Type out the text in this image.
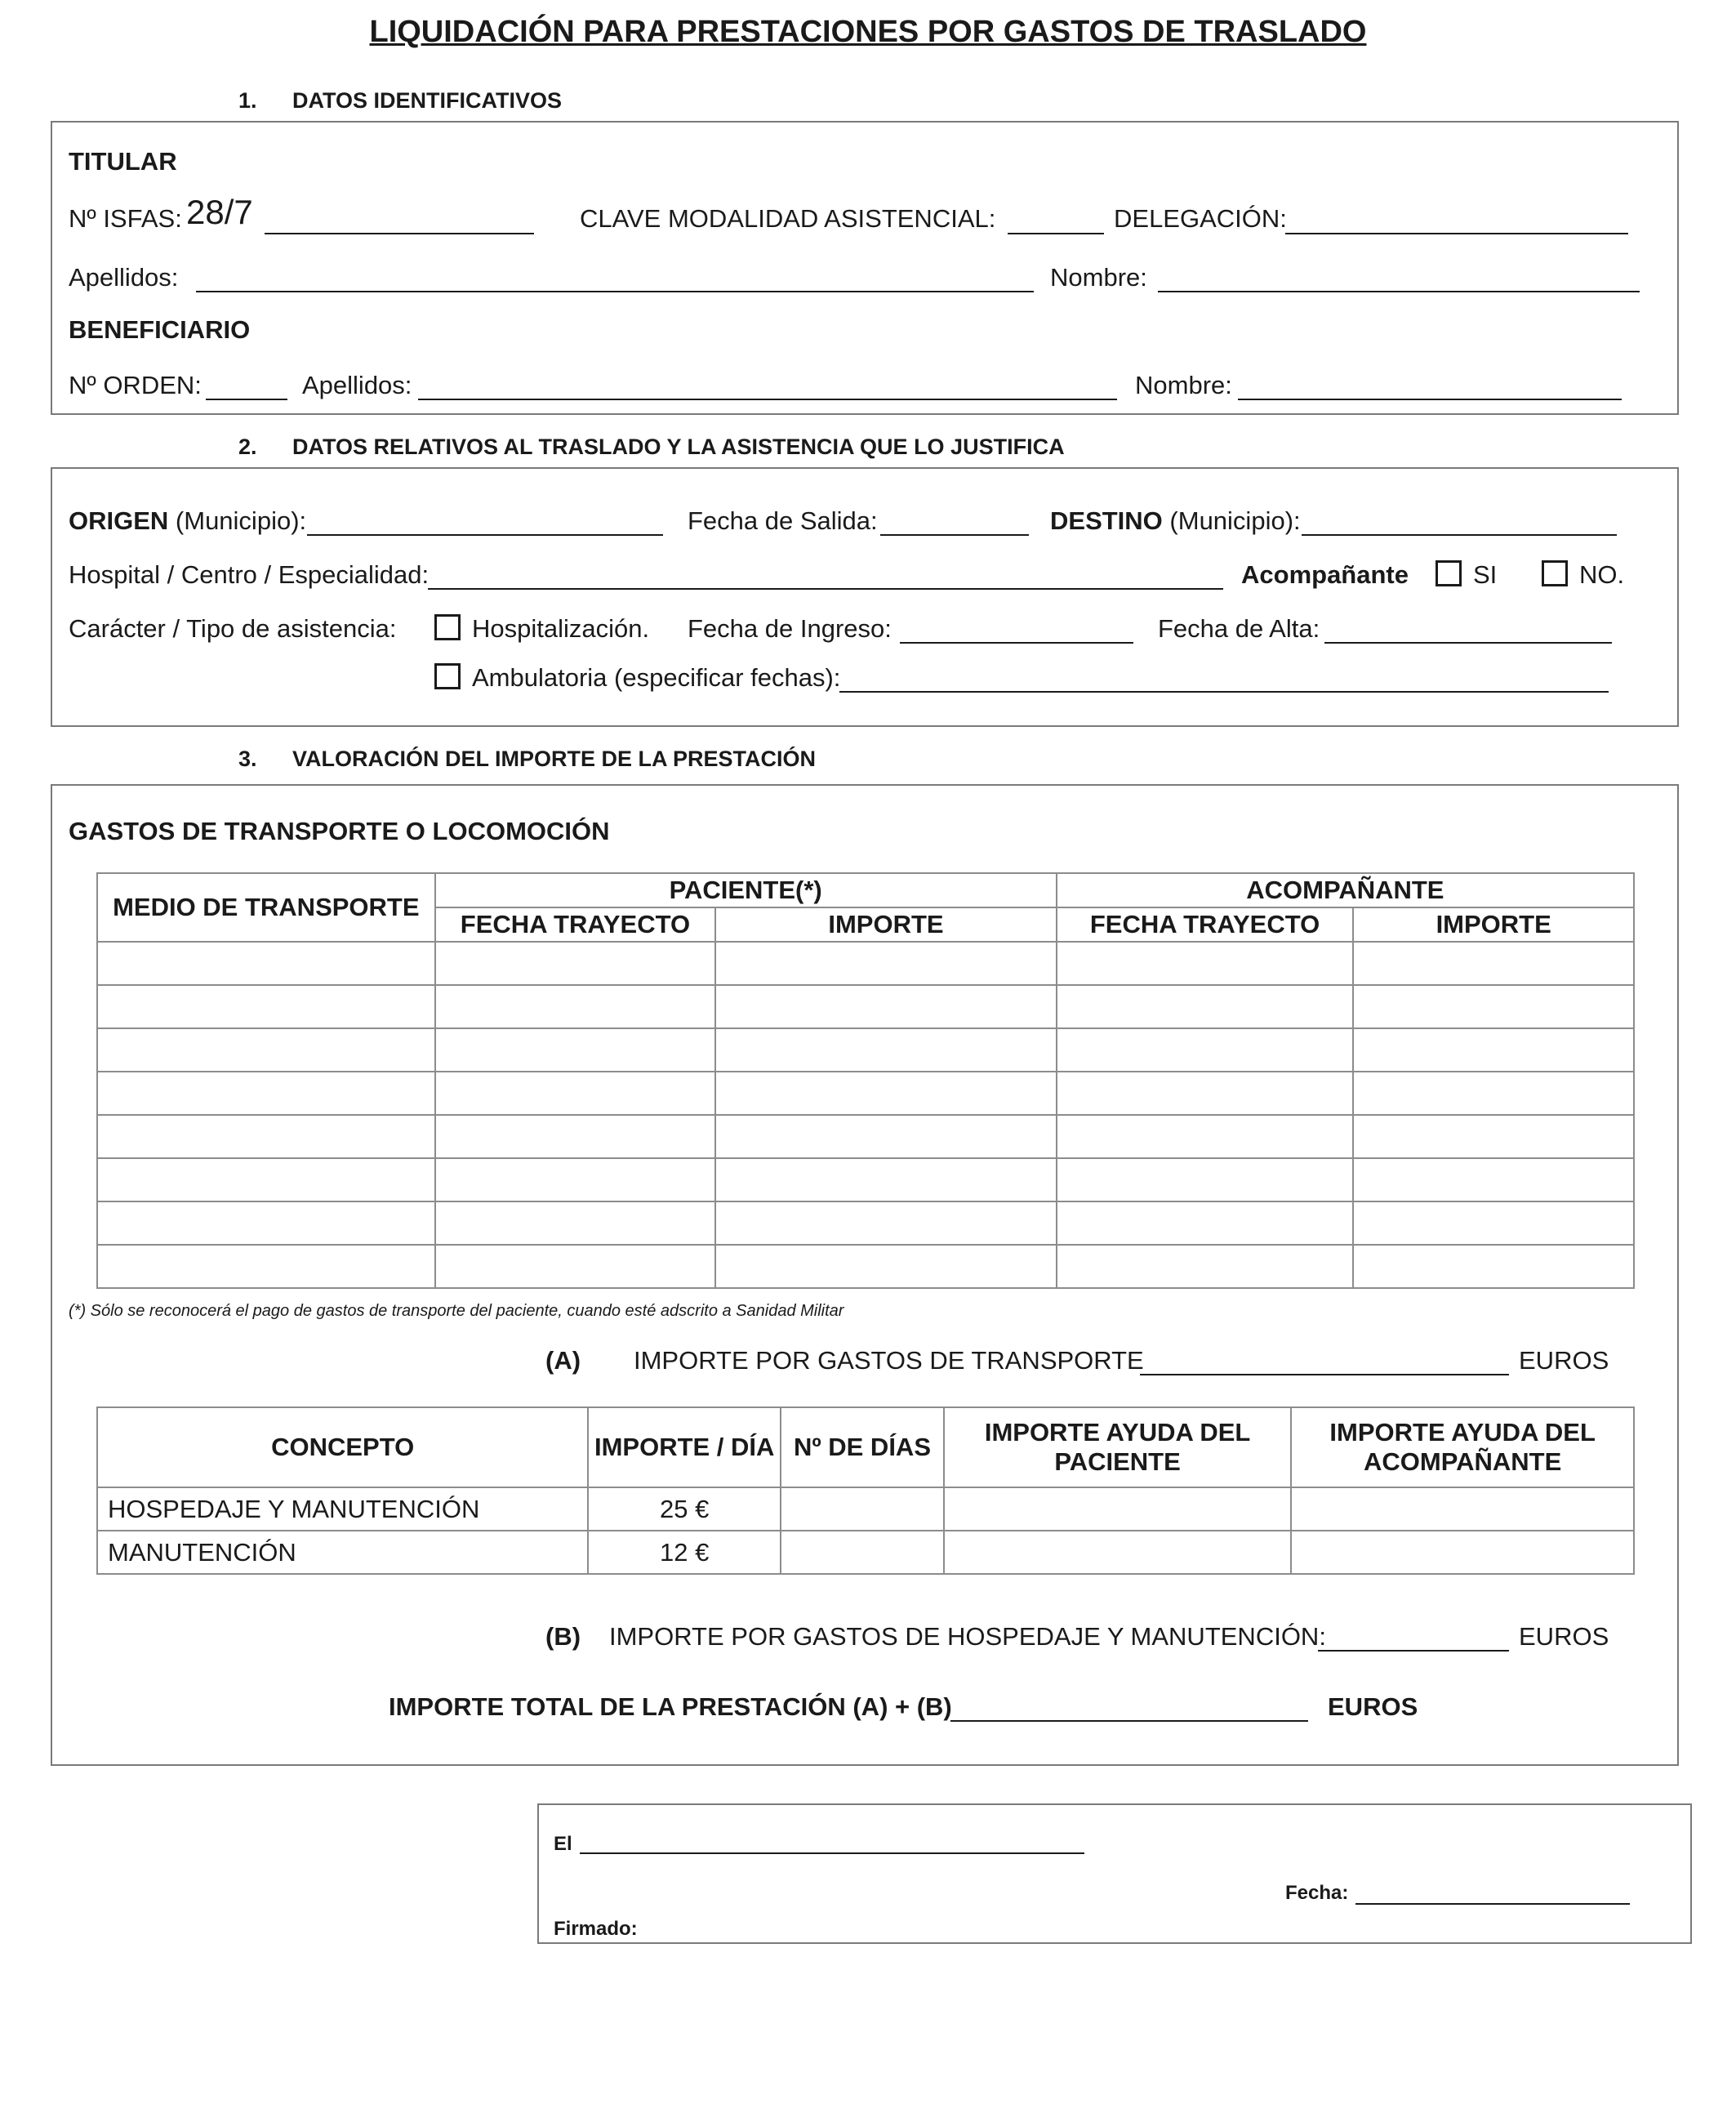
LIQUIDACIÓN PARA PRESTACIONES POR GASTOS DE TRASLADO
1. DATOS IDENTIFICATIVOS
TITULAR
Nº ISFAS: 28/7	CLAVE MODALIDAD ASISTENCIAL:	DELEGACIÓN:
Apellidos:	Nombre:
BENEFICIARIO
Nº ORDEN:	Apellidos:	Nombre:
2. DATOS RELATIVOS AL TRASLADO Y LA ASISTENCIA QUE LO JUSTIFICA
ORIGEN (Municipio):	Fecha de Salida:	DESTINO (Municipio):
Hospital / Centro / Especialidad:	Acompañante	SI	NO.
Carácter / Tipo de asistencia:	Hospitalización. Fecha de Ingreso:	Fecha de Alta:
Ambulatoria (especificar fechas):
3. VALORACIÓN DEL IMPORTE DE LA PRESTACIÓN
GASTOS DE TRANSPORTE O LOCOMOCIÓN
MEDIO DE TRANSPORTE	PACIENTE(*)		ACOMPAÑANTE	
	FECHA TRAYECTO	IMPORTE	FECHA TRAYECTO	IMPORTE

(*) Sólo se reconocerá el pago de gastos de transporte del paciente, cuando esté adscrito a Sanidad Militar
(A) IMPORTE POR GASTOS DE TRANSPORTE	EUROS
CONCEPTO	IMPORTE / DÍA	Nº DE DÍAS	IMPORTE AYUDA DEL PACIENTE	IMPORTE AYUDA DEL ACOMPAÑANTE
HOSPEDAJE Y MANUTENCIÓN	25 €			
MANUTENCIÓN	12 €			
(B) IMPORTE POR GASTOS DE HOSPEDAJE Y MANUTENCIÓN:	EUROS
IMPORTE TOTAL DE LA PRESTACIÓN (A) + (B)	EUROS
El
Fecha:
Firmado:
